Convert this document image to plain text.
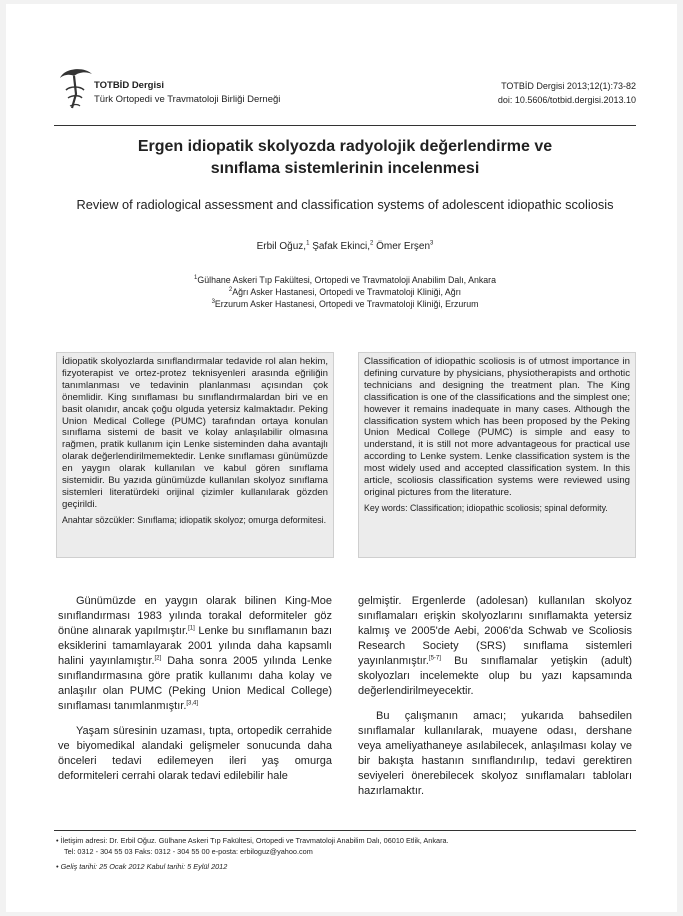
TOTBİD Dergisi
Türk Ortopedi ve Travmatoloji Birliği Derneği
TOTBİD Dergisi 2013;12(1):73-82
doi: 10.5606/totbid.dergisi.2013.10
Ergen idiopatik skolyozda radyolojik değerlendirme ve
sınıflama sistemlerinin incelenmesi
Review of radiological assessment and classification systems of adolescent idiopathic scoliosis
Erbil Oğuz,$^1$ Şafak Ekinci,$^2$ Ömer Erşen$^3$
$^1$Gülhane Askeri Tıp Fakültesi, Ortopedi ve Travmatoloji Anabilim Dalı, Ankara
$^2$Ağrı Asker Hastanesi, Ortopedi ve Travmatoloji Kliniği, Ağrı
$^3$Erzurum Asker Hastanesi, Ortopedi ve Travmatoloji Kliniği, Erzurum

İdiopatik skolyozlarda sınıflandırmalar tedavide rol alan hekim, fizyoterapist ve ortez-protez teknisyenleri arasında eğriliğin tanımlanması ve tedavinin planlanması açısından çok önemlidir. King sınıflaması bu sınıflandırmalardan biri ve en basit olanıdır, ancak çoğu olguda yetersiz kalmaktadır. Peking Union Medical College (PUMC) tarafından ortaya konulan sınıflama sistemi de basit ve kolay anlaşılabilir olmasına rağmen, pratik kullanım için Lenke sisteminden daha avantajlı olarak değerlendirilmemektedir. Lenke sınıflaması günümüzde en yaygın olarak kullanılan ve kabul gören sınıflama sistemidir. Bu yazıda günümüzde kullanılan skolyoz sınıflama sistemleri literatürdeki orijinal çizimler kullanılarak gözden geçirildi.

Anahtar sözcükler: Sınıflama; idiopatik skolyoz; omurga deformitesi.

Classification of idiopathic scoliosis is of utmost importance in defining curvature by physicians, physiotherapists and orthotic technicians and designing the treatment plan. The King classification is one of the classifications and the simplest one; however it remains inadequate in many cases. Although the classification system which has been proposed by the Peking Union Medical College (PUMC) is simple and easy to understand, it is still not more advantageous for practical use according to Lenke system. Lenke classification system is the most widely used and accepted classification system. In this article, scoliosis classification systems were reviewed using original pictures from the literature.

Key words: Classification; idiopathic scoliosis; spinal deformity.

Günümüzde en yaygın olarak bilinen King-Moe sınıflandırması 1983 yılında torakal deformiteler göz önüne alınarak yapılmıştır.[1] Lenke bu sınıflamanın bazı eksiklerini tamamlayarak 2001 yılında daha kapsamlı halini yayınlamıştır.[2] Daha sonra 2005 yılında Lenke sınıflandırmasına göre pratik kullanımı daha kolay ve anlaşılır olan PUMC (Peking Union Medical College) sınıflaması tanımlanmıştır.[3,4]

Yaşam süresinin uzaması, tıpta, ortopedik cerrahide ve biyomedikal alandaki gelişmeler sonucunda daha önceleri tedavi edilemeyen ileri yaş omurga deformiteleri cerrahi olarak tedavi edilebilir hale

gelmiştir. Ergenlerde (adolesan) kullanılan skolyoz sınıflamaları erişkin skolyozlarını sınıflamakta yetersiz kalmış ve 2005'de Aebi, 2006'da Schwab ve Scoliosis Research Society (SRS) sınıflama sistemleri yayınlanmıştır.[5-7] Bu sınıflamalar yetişkin (adult) skolyozları incelemekte olup bu yazı kapsamında değerlendirilmeyecektir.

Bu çalışmanın amacı; yukarıda bahsedilen sınıflamalar kullanılarak, muayene odası, dershane veya ameliyathaneye asılabilecek, anlaşılması kolay ve bir bakışta hastanın sınıflandırılıp, tedavi gerektiren seviyeleri önerebilecek skolyoz sınıflamaları tabloları hazırlamaktır.

• İletişim adresi: Dr. Erbil Oğuz. Gülhane Askeri Tıp Fakültesi, Ortopedi ve Travmatoloji Anabilim Dalı, 06010 Etlik, Ankara.
Tel: 0312 - 304 55 03 Faks: 0312 - 304 55 00 e-posta: erbiloguz@yahoo.com
• Geliş tarihi: 25 Ocak 2012 Kabul tarihi: 5 Eylül 2012
